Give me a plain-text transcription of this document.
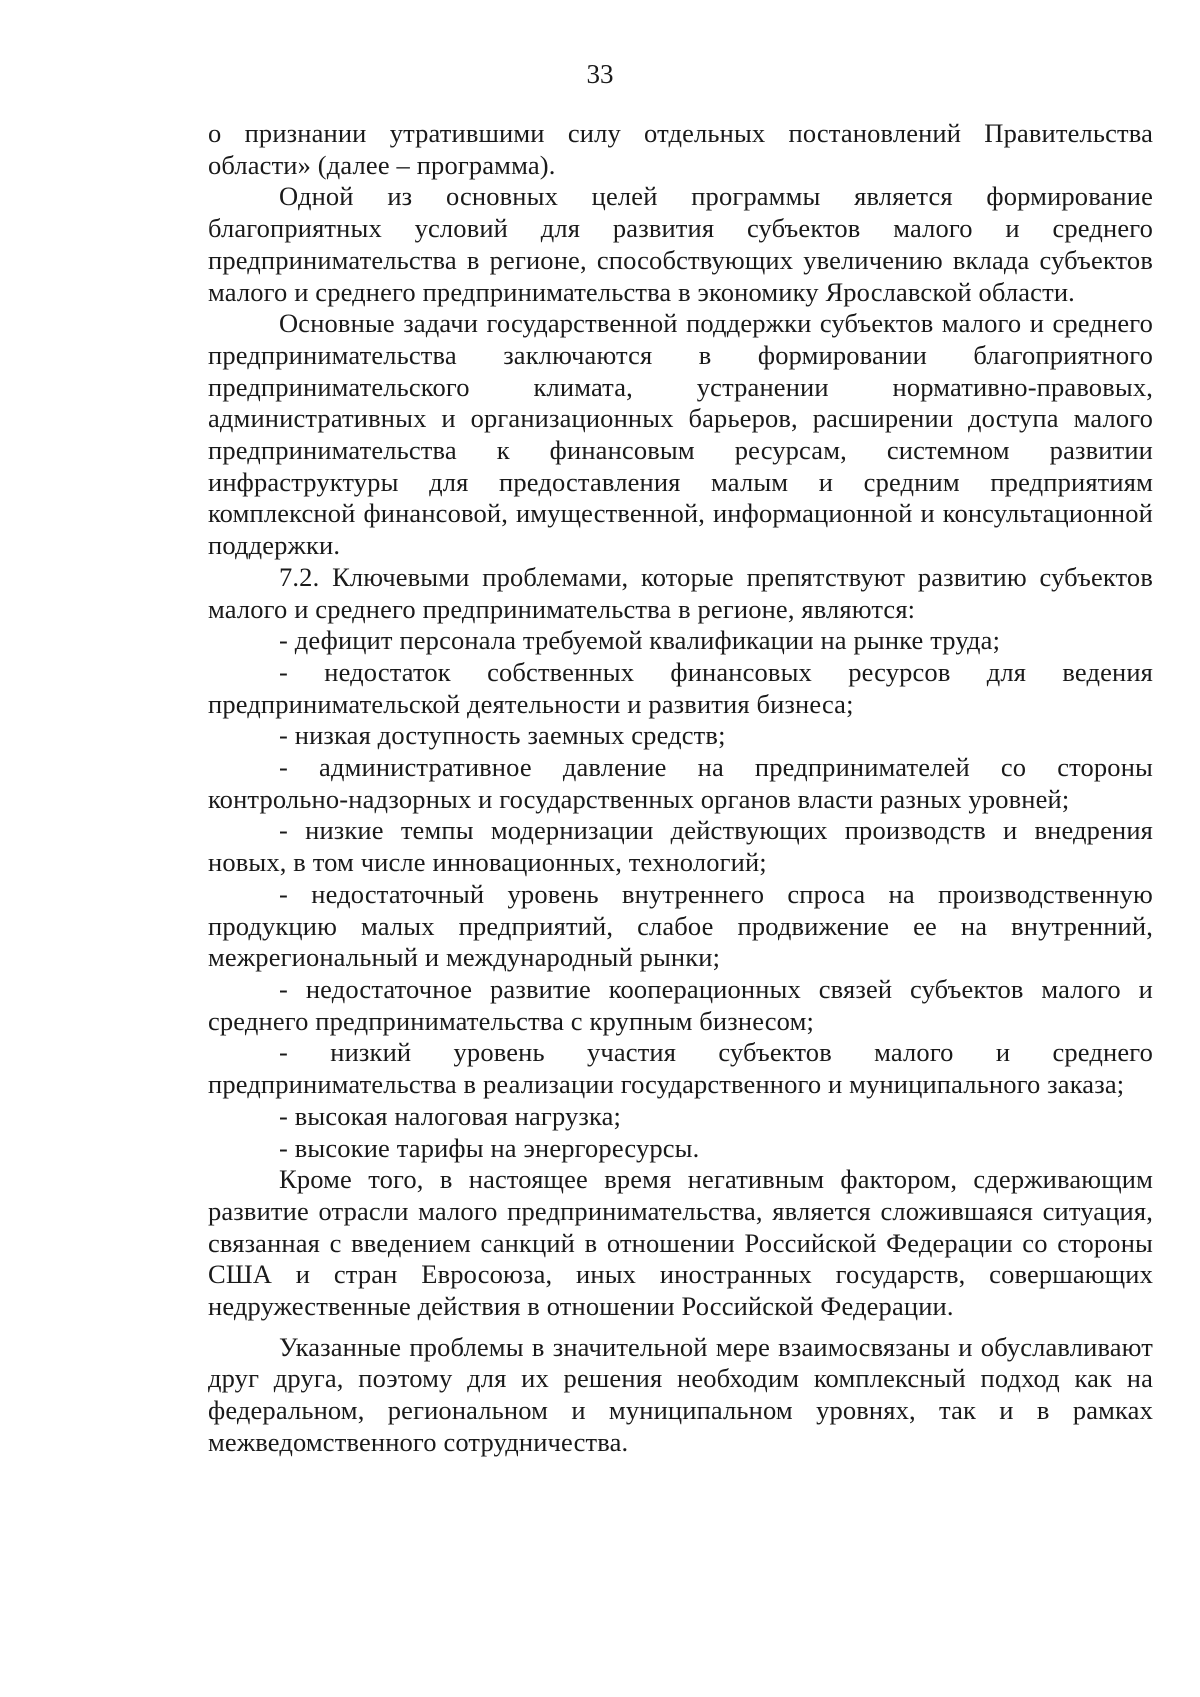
33

о признании утратившими силу отдельных постановлений Правительства области» (далее – программа).

Одной из основных целей программы является формирование благоприятных условий для развития субъектов малого и среднего предпринимательства в регионе, способствующих увеличению вклада субъектов малого и среднего предпринимательства в экономику Ярославской области.

Основные задачи государственной поддержки субъектов малого и среднего предпринимательства заключаются в формировании благоприятного предпринимательского климата, устранении нормативно-правовых, административных и организационных барьеров, расширении доступа малого предпринимательства к финансовым ресурсам, системном развитии инфраструктуры для предоставления малым и средним предприятиям комплексной финансовой, имущественной, информационной и консультационной поддержки.

7.2. Ключевыми проблемами, которые препятствуют развитию субъектов малого и среднего предпринимательства в регионе, являются:

- дефицит персонала требуемой квалификации на рынке труда;

- недостаток собственных финансовых ресурсов для ведения предпринимательской деятельности и развития бизнеса;

- низкая доступность заемных средств;

- административное давление на предпринимателей со стороны контрольно-надзорных и государственных органов власти разных уровней;

- низкие темпы модернизации действующих производств и внедрения новых, в том числе инновационных, технологий;

- недостаточный уровень внутреннего спроса на производственную продукцию малых предприятий, слабое продвижение ее на внутренний, межрегиональный и международный рынки;

- недостаточное развитие кооперационных связей субъектов малого и среднего предпринимательства с крупным бизнесом;

- низкий уровень участия субъектов малого и среднего предпринимательства в реализации государственного и муниципального заказа;

- высокая налоговая нагрузка;

- высокие тарифы на энергоресурсы.

Кроме того, в настоящее время негативным фактором, сдерживающим развитие отрасли малого предпринимательства, является сложившаяся ситуация, связанная с введением санкций в отношении Российской Федерации со стороны США и стран Евросоюза, иных иностранных государств, совершающих недружественные действия в отношении Российской Федерации.

Указанные проблемы в значительной мере взаимосвязаны и обуславливают друг друга, поэтому для их решения необходим комплексный подход как на федеральном, региональном и муниципальном уровнях, так и в рамках межведомственного сотрудничества.
